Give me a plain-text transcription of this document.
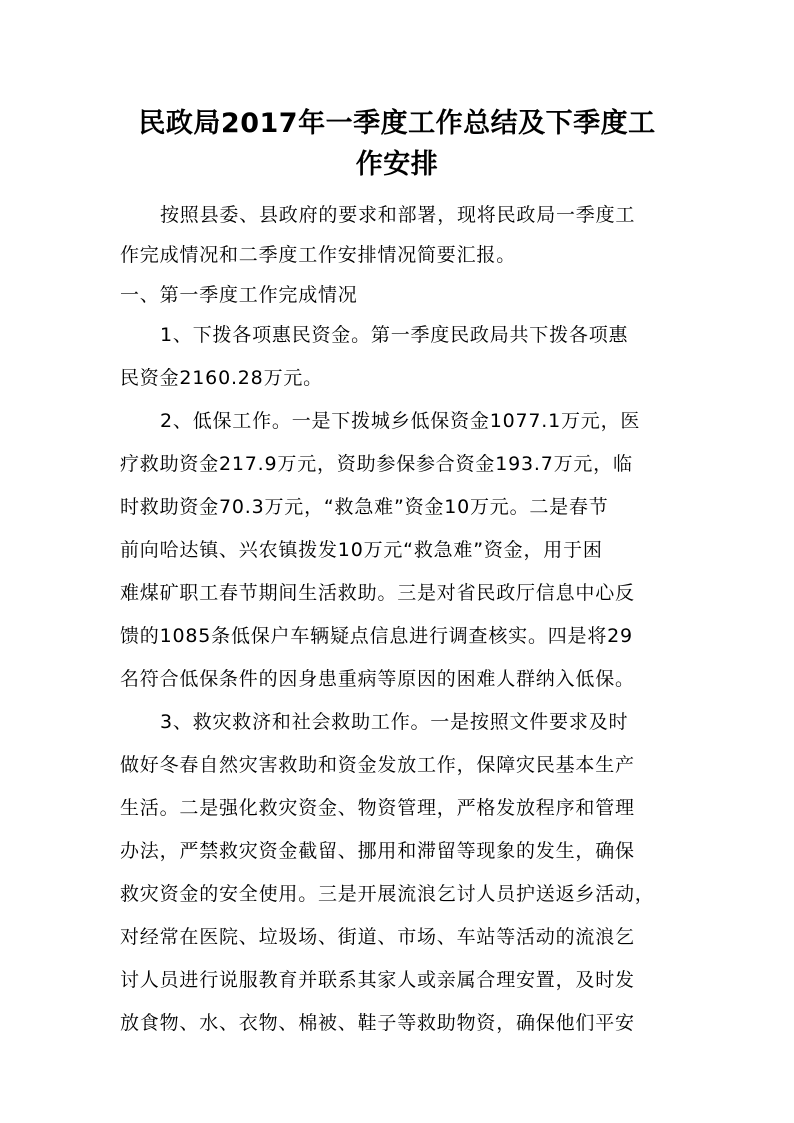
民政局2017年一季度工作总结及下季度工
作安排
按照县委、县政府的要求和部署，现将民政局一季度工
作完成情况和二季度工作安排情况简要汇报。
一、第一季度工作完成情况
1、下拨各项惠民资金。第一季度民政局共下拨各项惠
民资金2160.28万元。
2、低保工作。一是下拨城乡低保资金1077.1万元，医
疗救助资金217.9万元，资助参保参合资金193.7万元，临
时救助资金70.3万元，“救急难”资金10万元。二是春节
前向哈达镇、兴农镇拨发10万元“救急难”资金，用于困
难煤矿职工春节期间生活救助。三是对省民政厅信息中心反
馈的1085条低保户车辆疑点信息进行调查核实。四是将29
名符合低保条件的因身患重病等原因的困难人群纳入低保。
3、救灾救济和社会救助工作。一是按照文件要求及时
做好冬春自然灾害救助和资金发放工作，保障灾民基本生产
生活。二是强化救灾资金、物资管理，严格发放程序和管理
办法，严禁救灾资金截留、挪用和滞留等现象的发生，确保
救灾资金的安全使用。三是开展流浪乞讨人员护送返乡活动，
对经常在医院、垃圾场、街道、市场、车站等活动的流浪乞
讨人员进行说服教育并联系其家人或亲属合理安置，及时发
放食物、水、衣物、棉被、鞋子等救助物资，确保他们平安
